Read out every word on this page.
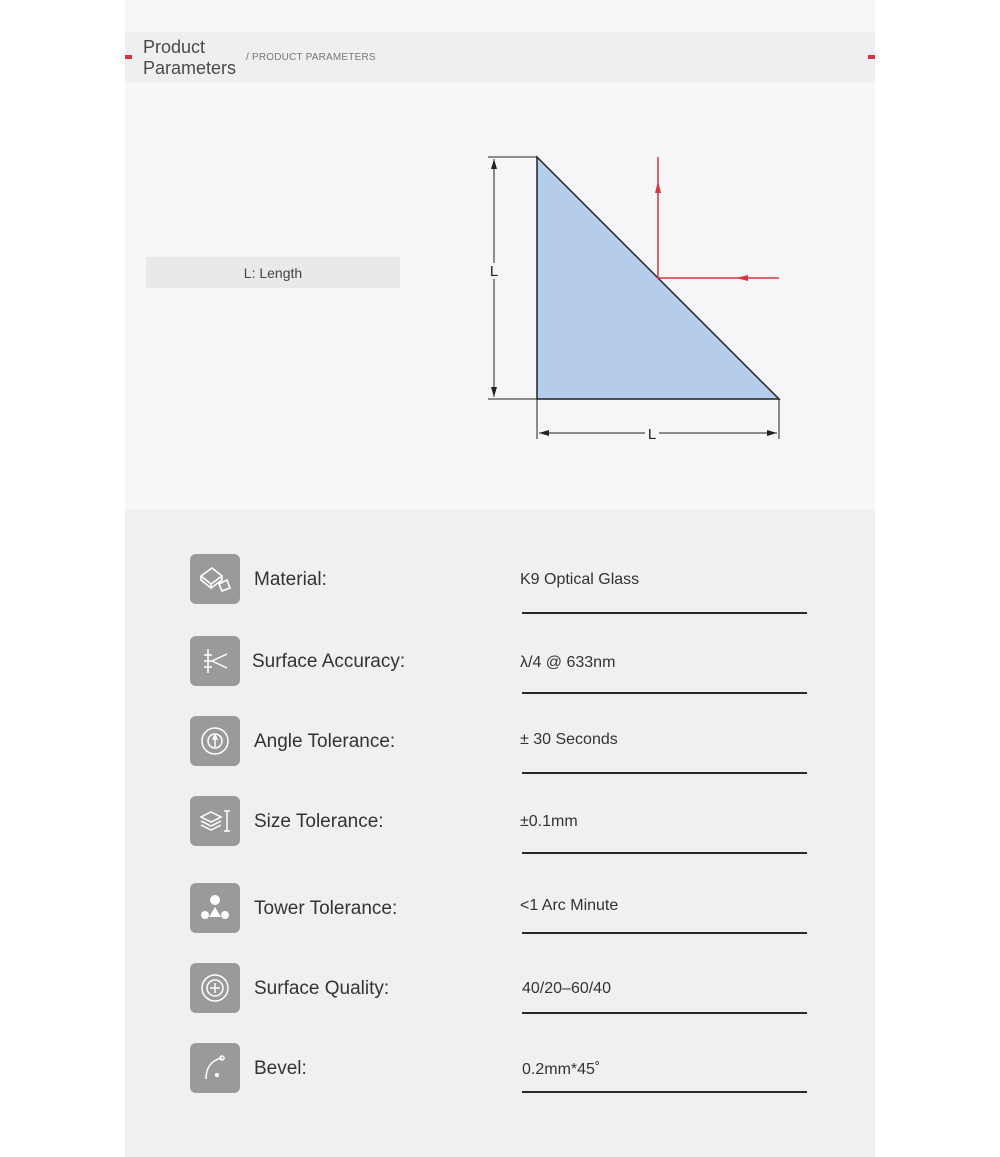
Product
Parameters
/ PRODUCT PARAMETERS
L: Length	L
L
Material:	K9 Optical Glass
Surface Accuracy:	λ/4 @ 633nm
Angle Tolerance:	± 30 Seconds
Size Tolerance:	±0.1mm
Tower Tolerance:	<1 Arc Minute
Surface Quality:	40/20–60/40
Bevel:	0.2mm*45˚
